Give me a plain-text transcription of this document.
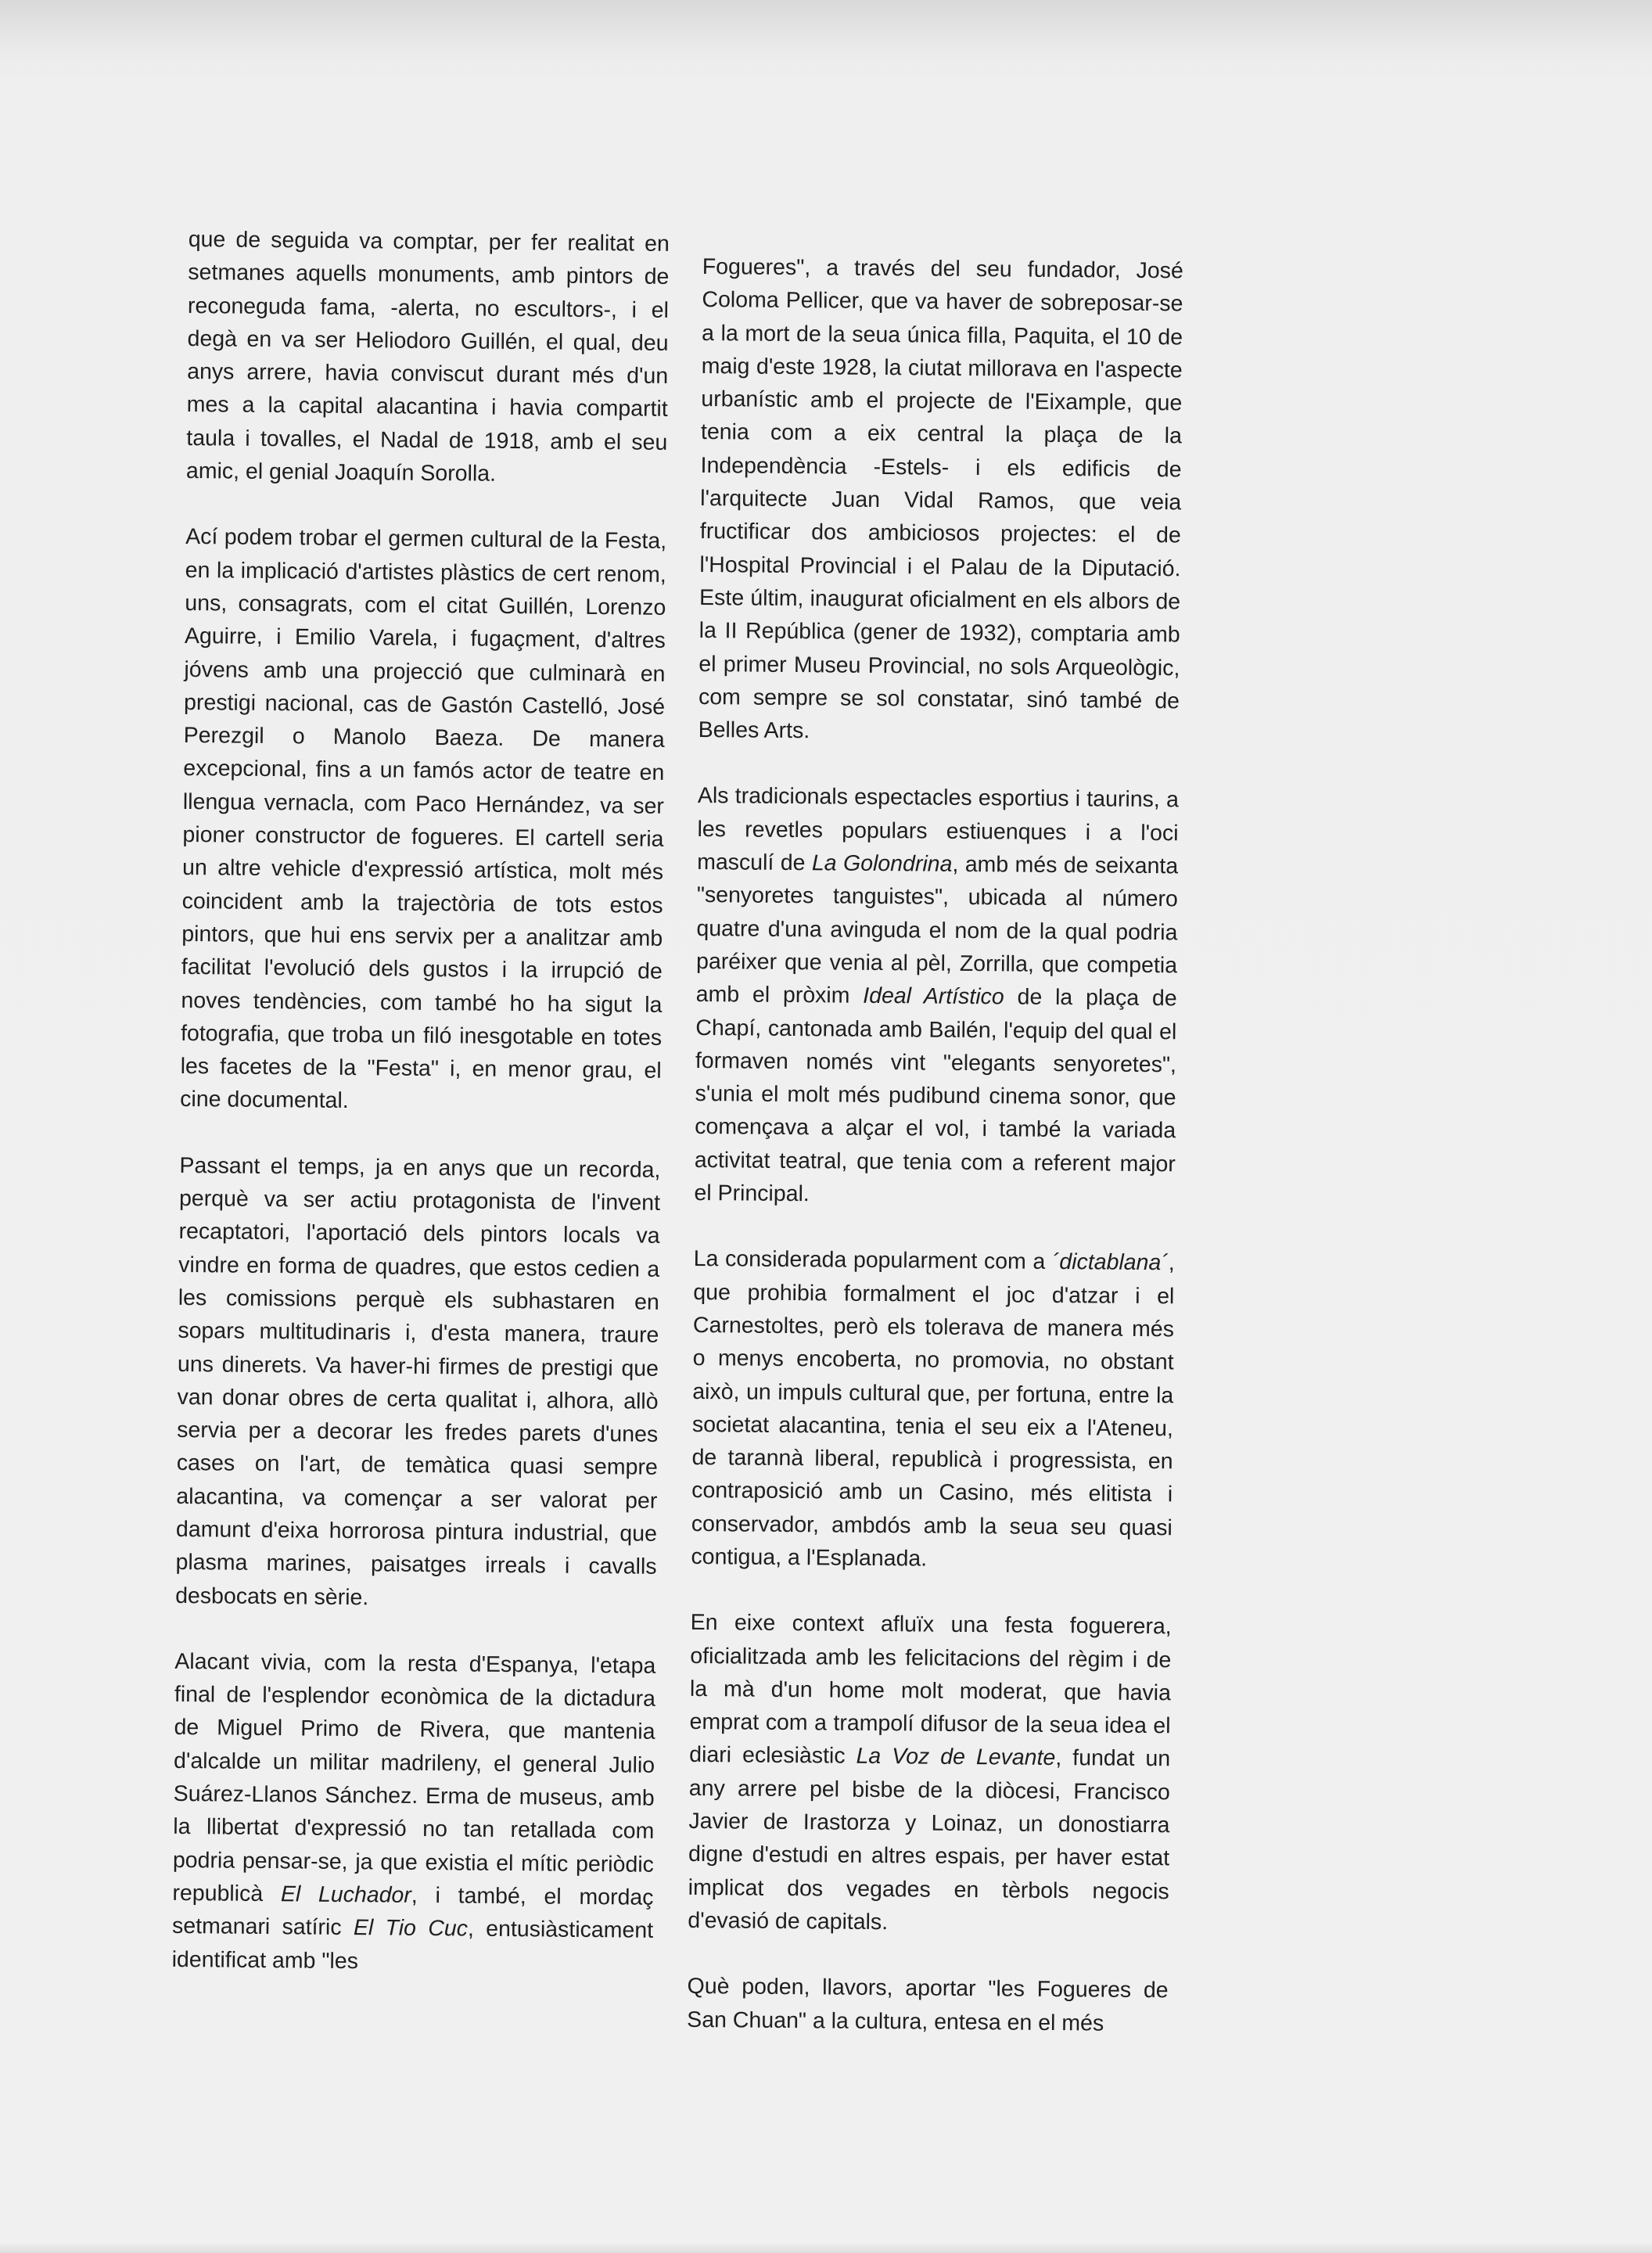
que de seguida va comptar, per fer realitat en setmanes aquells monuments, amb pintors de reconeguda fama, -alerta, no escultors-, i el degà en va ser Heliodoro Guillén, el qual, deu anys arrere, havia conviscut durant més d'un mes a la capital alacantina i havia compartit taula i tovalles, el Nadal de 1918, amb el seu amic, el genial Joaquín Sorolla.

Ací podem trobar el germen cultural de la Festa, en la implicació d'artistes plàstics de cert renom, uns, consagrats, com el citat Guillén, Lorenzo Aguirre, i Emilio Varela, i fugaçment, d'altres jóvens amb una projecció que culminarà en prestigi nacional, cas de Gastón Castelló, José Perezgil o Manolo Baeza. De manera excepcional, fins a un famós actor de teatre en llengua vernacla, com Paco Hernández, va ser pioner constructor de fogueres. El cartell seria un altre vehicle d'expressió artística, molt més coincident amb la trajectòria de tots estos pintors, que hui ens servix per a analitzar amb facilitat l'evolució dels gustos i la irrupció de noves tendències, com també ho ha sigut la fotografia, que troba un filó inesgotable en totes les facetes de la "Festa" i, en menor grau, el cine documental.

Passant el temps, ja en anys que un recorda, perquè va ser actiu protagonista de l'invent recaptatori, l'aportació dels pintors locals va vindre en forma de quadres, que estos cedien a les comissions perquè els subhastaren en sopars multitudinaris i, d'esta manera, traure uns dinerets. Va haver-hi firmes de prestigi que van donar obres de certa qualitat i, alhora, allò servia per a decorar les fredes parets d'unes cases on l'art, de temàtica quasi sempre alacantina, va començar a ser valorat per damunt d'eixa horrorosa pintura industrial, que plasma marines, paisatges irreals i cavalls desbocats en sèrie.

Alacant vivia, com la resta d'Espanya, l'etapa final de l'esplendor econòmica de la dictadura de Miguel Primo de Rivera, que mantenia d'alcalde un militar madrileny, el general Julio Suárez-Llanos Sánchez. Erma de museus, amb la llibertat d'expressió no tan retallada com podria pensar-se, ja que existia el mític periòdic republicà El Luchador, i també, el mordaç setmanari satíric El Tio Cuc, entusiàsticament identificat amb "les

Fogueres", a través del seu fundador, José Coloma Pellicer, que va haver de sobreposar-se a la mort de la seua única filla, Paquita, el 10 de maig d'este 1928, la ciutat millorava en l'aspecte urbanístic amb el projecte de l'Eixample, que tenia com a eix central la plaça de la Independència -Estels- i els edificis de l'arquitecte Juan Vidal Ramos, que veia fructificar dos ambiciosos projectes: el de l'Hospital Provincial i el Palau de la Diputació. Este últim, inaugurat oficialment en els albors de la II República (gener de 1932), comptaria amb el primer Museu Provincial, no sols Arqueològic, com sempre se sol constatar, sinó també de Belles Arts.

Als tradicionals espectacles esportius i taurins, a les revetles populars estiuenques i a l'oci masculí de La Golondrina, amb més de seixanta "senyoretes tanguistes", ubicada al número quatre d'una avinguda el nom de la qual podria paréixer que venia al pèl, Zorrilla, que competia amb el pròxim Ideal Artístico de la plaça de Chapí, cantonada amb Bailén, l'equip del qual el formaven només vint "elegants senyoretes", s'unia el molt més pudibund cinema sonor, que començava a alçar el vol, i també la variada activitat teatral, que tenia com a referent major el Principal.

La considerada popularment com a ´dictablana´, que prohibia formalment el joc d'atzar i el Carnestoltes, però els tolerava de manera més o menys encoberta, no promovia, no obstant això, un impuls cultural que, per fortuna, entre la societat alacantina, tenia el seu eix a l'Ateneu, de tarannà liberal, republicà i progressista, en contraposició amb un Casino, més elitista i conservador, ambdós amb la seua seu quasi contigua, a l'Esplanada.

En eixe context afluïx una festa foguerera, oficialitzada amb les felicitacions del règim i de la mà d'un home molt moderat, que havia emprat com a trampolí difusor de la seua idea el diari eclesiàstic La Voz de Levante, fundat un any arrere pel bisbe de la diòcesi, Francisco Javier de Irastorza y Loinaz, un donostiarra digne d'estudi en altres espais, per haver estat implicat dos vegades en tèrbols negocis d'evasió de capitals.

Què poden, llavors, aportar "les Fogueres de San Chuan" a la cultura, entesa en el més
